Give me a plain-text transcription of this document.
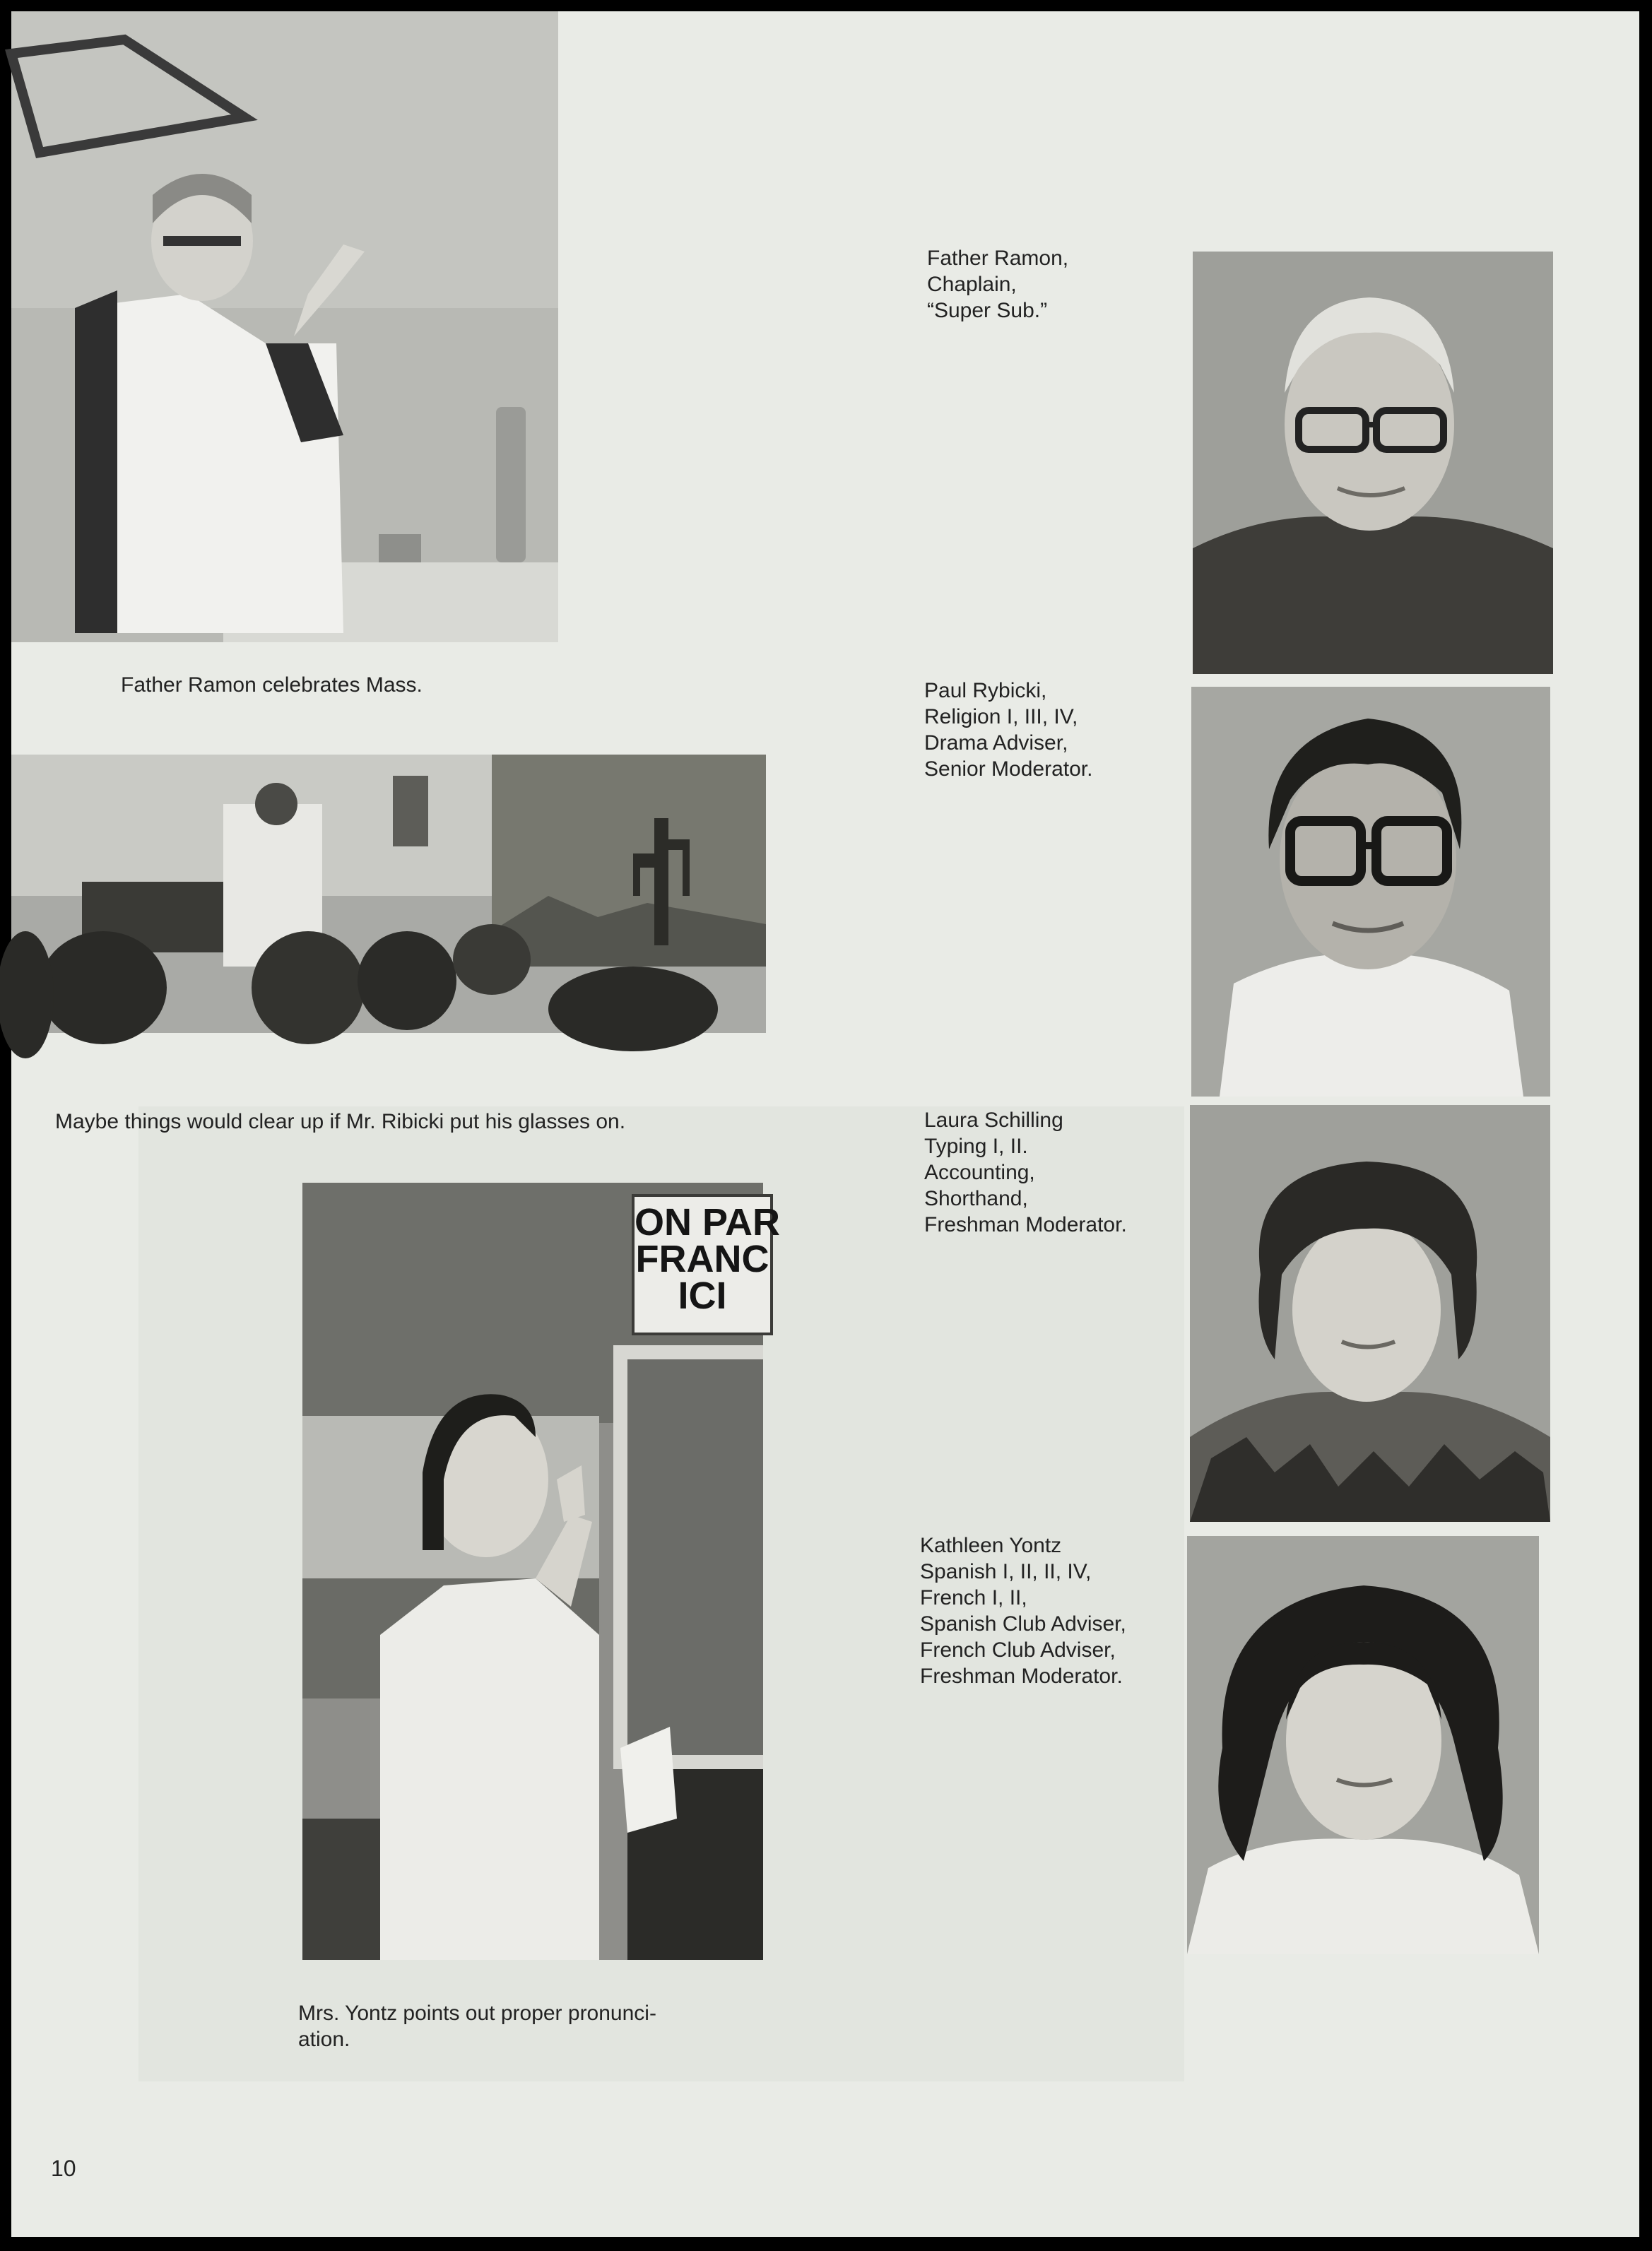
Father Ramon celebrates Mass.
Maybe things would clear up if Mr. Ribicki put his glasses on.
ON PAR
FRANC
ICI
Mrs. Yontz points out proper pronunci-
ation.
Father Ramon,
Chaplain,
“Super Sub.”
Paul Rybicki,
Religion I, III, IV,
Drama Adviser,
Senior Moderator.
Laura Schilling
Typing I, II.
Accounting,
Shorthand,
Freshman Moderator.
Kathleen Yontz
Spanish I, II, II, IV,
French I, II,
Spanish Club Adviser,
French Club Adviser,
Freshman Moderator.
10
